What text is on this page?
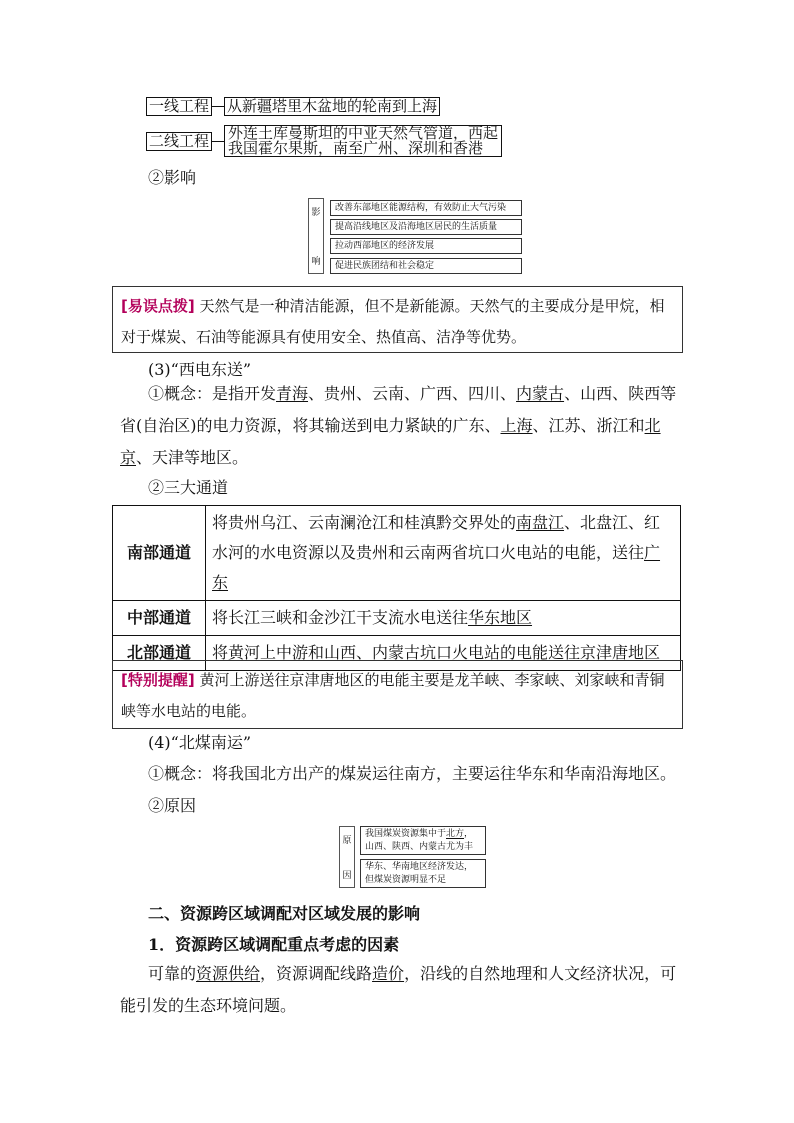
一线工程 从新疆塔里木盆地的轮南到上海
二线工程 外连土库曼斯坦的中亚天然气管道，西起
我国霍尔果斯，南至广州、深圳和香港
②影响
影
响
改善东部地区能源结构，有效防止大气污染
提高沿线地区及沿海地区居民的生活质量
拉动西部地区的经济发展
促进民族团结和社会稳定
[易误点拨] 天然气是一种清洁能源，但不是新能源。天然气的主要成分是甲烷，相对于煤炭、石油等能源具有使用安全、热值高、洁净等优势。
(3)“西电东送”
①概念：是指开发青海、贵州、云南、广西、四川、内蒙古、山西、陕西等省(自治区)的电力资源，将其输送到电力紧缺的广东、上海、江苏、浙江和北京、天津等地区。
②三大通道
南部通道	将贵州乌江、云南澜沧江和桂滇黔交界处的南盘江、北盘江、红水河的水电资源以及贵州和云南两省坑口火电站的电能，送往广东
中部通道	将长江三峡和金沙江干支流水电送往华东地区
北部通道	将黄河上中游和山西、内蒙古坑口火电站的电能送往京津唐地区
[特别提醒] 黄河上游送往京津唐地区的电能主要是龙羊峡、李家峡、刘家峡和青铜峡等水电站的电能。
(4)“北煤南运”
①概念：将我国北方出产的煤炭运往南方，主要运往华东和华南沿海地区。
②原因
原
因
我国煤炭资源集中于北方，山西、陕西、内蒙古尤为丰
华东、华南地区经济发达，但煤炭资源明显不足
二、资源跨区域调配对区域发展的影响
1．资源跨区域调配重点考虑的因素
可靠的资源供给，资源调配线路造价，沿线的自然地理和人文经济状况，可能引发的生态环境问题。
